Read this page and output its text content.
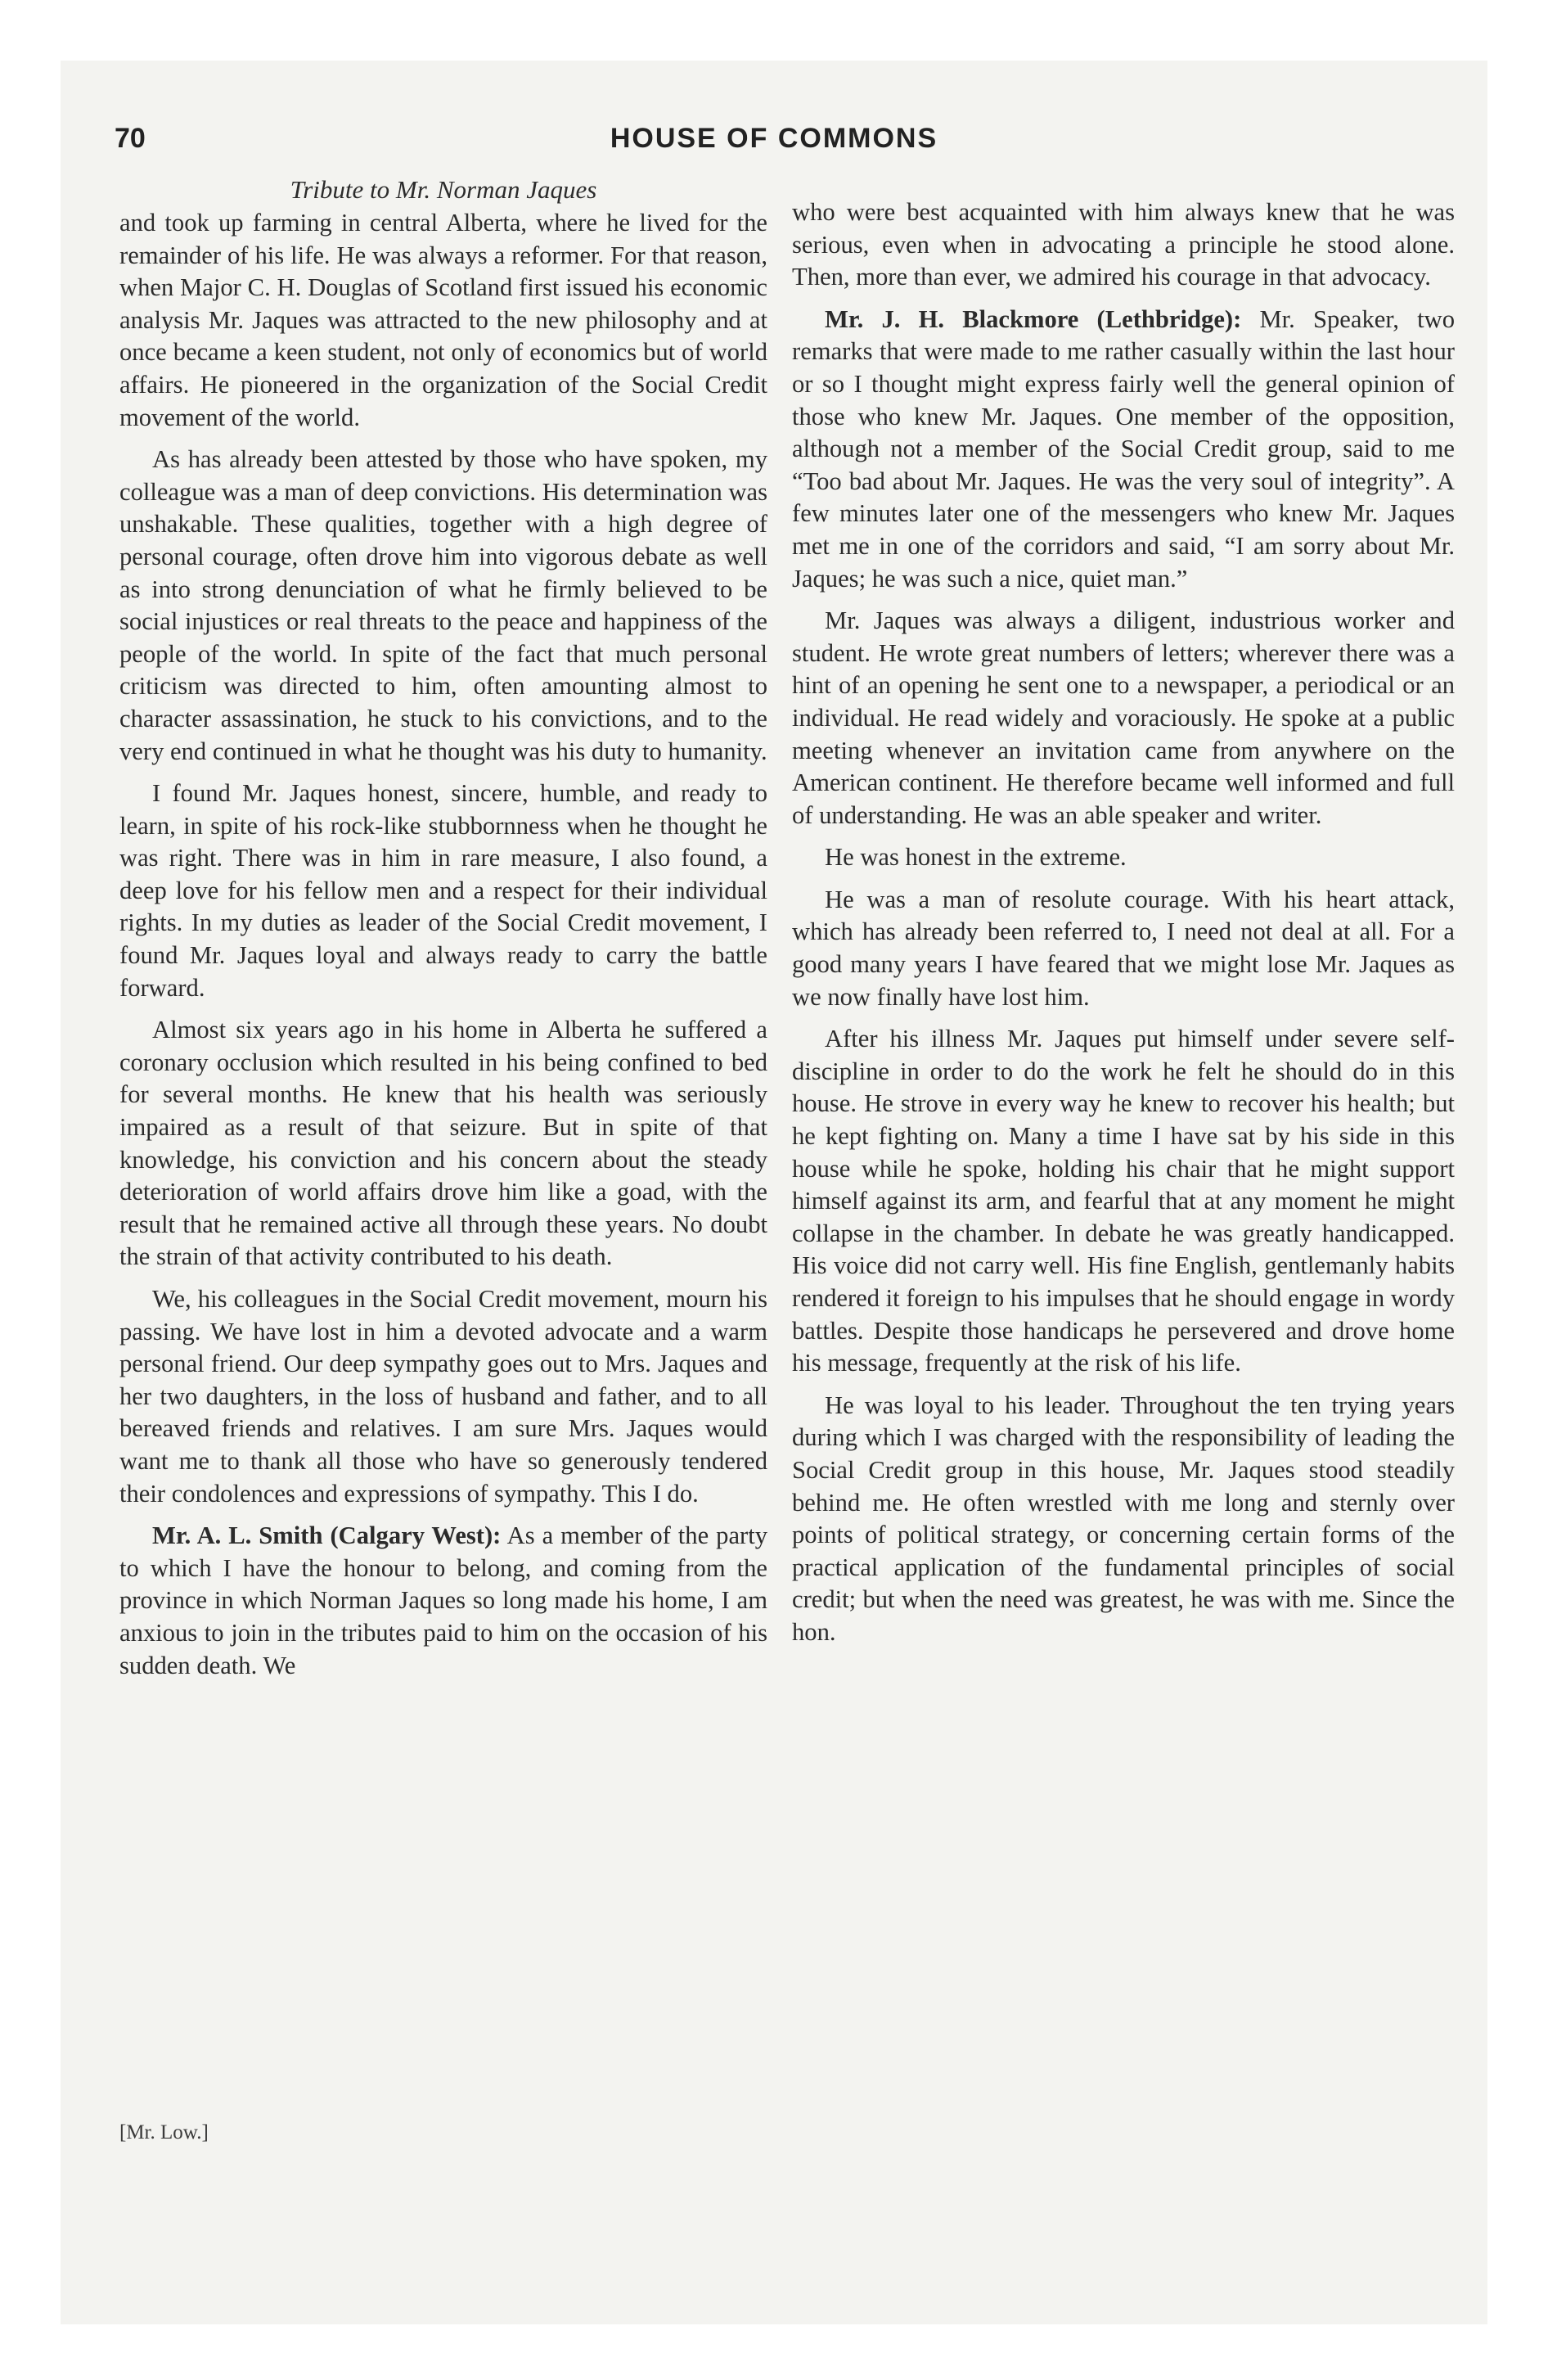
70	HOUSE OF COMMONS
Tribute to Mr. Norman Jaques

and took up farming in central Alberta, where he lived for the remainder of his life. He was always a reformer. For that reason, when Major C. H. Douglas of Scotland first issued his economic analysis Mr. Jaques was attracted to the new philosophy and at once became a keen student, not only of economics but of world affairs. He pioneered in the organization of the Social Credit movement of the world.

As has already been attested by those who have spoken, my colleague was a man of deep convictions. His determination was unshakable. These qualities, together with a high degree of personal courage, often drove him into vigorous debate as well as into strong denunciation of what he firmly believed to be social injustices or real threats to the peace and happiness of the people of the world. In spite of the fact that much personal criticism was directed to him, often amounting almost to character assassination, he stuck to his convictions, and to the very end continued in what he thought was his duty to humanity.

I found Mr. Jaques honest, sincere, humble, and ready to learn, in spite of his rock-like stubbornness when he thought he was right. There was in him in rare measure, I also found, a deep love for his fellow men and a respect for their individual rights. In my duties as leader of the Social Credit movement, I found Mr. Jaques loyal and always ready to carry the battle forward.

Almost six years ago in his home in Alberta he suffered a coronary occlusion which resulted in his being confined to bed for several months. He knew that his health was seriously impaired as a result of that seizure. But in spite of that knowledge, his conviction and his concern about the steady deterioration of world affairs drove him like a goad, with the result that he remained active all through these years. No doubt the strain of that activity contributed to his death.

We, his colleagues in the Social Credit movement, mourn his passing. We have lost in him a devoted advocate and a warm personal friend. Our deep sympathy goes out to Mrs. Jaques and her two daughters, in the loss of husband and father, and to all bereaved friends and relatives. I am sure Mrs. Jaques would want me to thank all those who have so generously tendered their condolences and expressions of sympathy. This I do.

Mr. A. L. Smith (Calgary West): As a member of the party to which I have the honour to belong, and coming from the province in which Norman Jaques so long made his home, I am anxious to join in the tributes paid to him on the occasion of his sudden death. We

who were best acquainted with him always knew that he was serious, even when in advocating a principle he stood alone. Then, more than ever, we admired his courage in that advocacy.

Mr. J. H. Blackmore (Lethbridge): Mr. Speaker, two remarks that were made to me rather casually within the last hour or so I thought might express fairly well the general opinion of those who knew Mr. Jaques. One member of the opposition, although not a member of the Social Credit group, said to me “Too bad about Mr. Jaques. He was the very soul of integrity”. A few minutes later one of the messengers who knew Mr. Jaques met me in one of the corridors and said, “I am sorry about Mr. Jaques; he was such a nice, quiet man.”

Mr. Jaques was always a diligent, industrious worker and student. He wrote great numbers of letters; wherever there was a hint of an opening he sent one to a newspaper, a periodical or an individual. He read widely and voraciously. He spoke at a public meeting whenever an invitation came from anywhere on the American continent. He therefore became well informed and full of understanding. He was an able speaker and writer.

He was honest in the extreme.

He was a man of resolute courage. With his heart attack, which has already been referred to, I need not deal at all. For a good many years I have feared that we might lose Mr. Jaques as we now finally have lost him.

After his illness Mr. Jaques put himself under severe self-discipline in order to do the work he felt he should do in this house. He strove in every way he knew to recover his health; but he kept fighting on. Many a time I have sat by his side in this house while he spoke, holding his chair that he might support himself against its arm, and fearful that at any moment he might collapse in the chamber. In debate he was greatly handicapped. His voice did not carry well. His fine English, gentlemanly habits rendered it foreign to his impulses that he should engage in wordy battles. Despite those handicaps he persevered and drove home his message, frequently at the risk of his life.

He was loyal to his leader. Throughout the ten trying years during which I was charged with the responsibility of leading the Social Credit group in this house, Mr. Jaques stood steadily behind me. He often wrestled with me long and sternly over points of political strategy, or concerning certain forms of the practical application of the fundamental principles of social credit; but when the need was greatest, he was with me. Since the hon.

[Mr. Low.]
